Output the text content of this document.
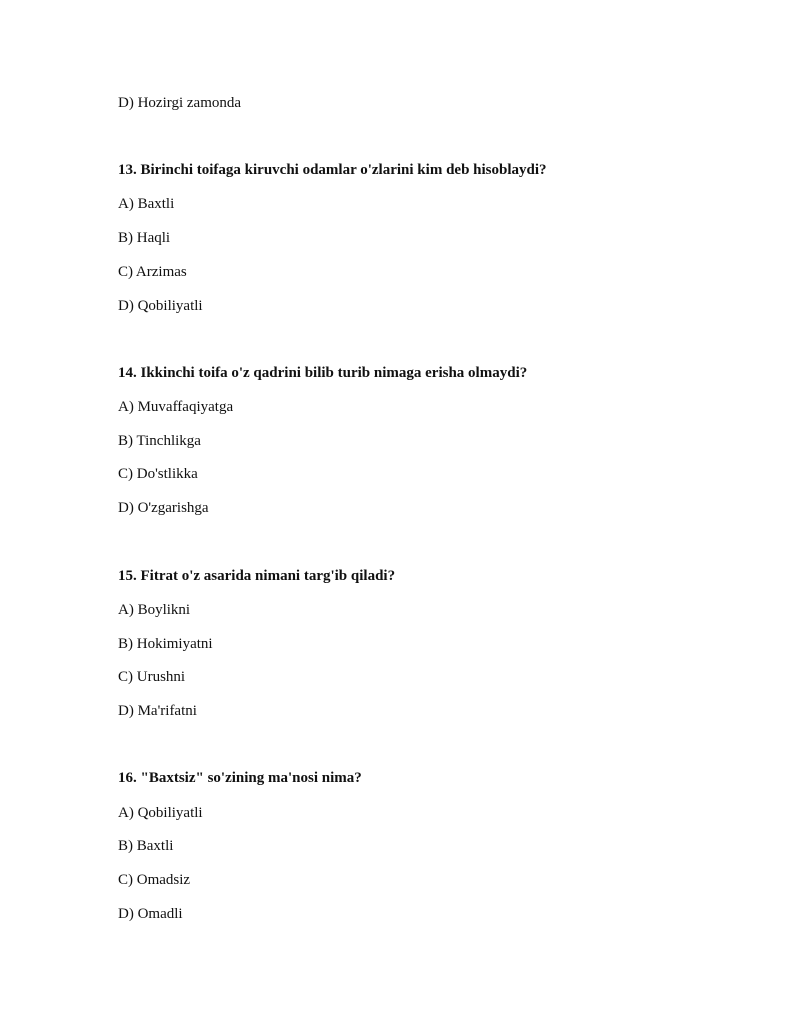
D) Hozirgi zamonda
13. Birinchi toifaga kiruvchi odamlar o'zlarini kim deb hisoblaydi?
A) Baxtli
B) Haqli
C) Arzimas
D) Qobiliyatli
14. Ikkinchi toifa o'z qadrini bilib turib nimaga erisha olmaydi?
A) Muvaffaqiyatga
B) Tinchlikga
C) Do'stlikka
D) O'zgarishga
15. Fitrat o'z asarida nimani targ'ib qiladi?
A) Boylikni
B) Hokimiyatni
C) Urushni
D) Ma'rifatni
16. "Baxtsiz" so'zining ma'nosi nima?
A) Qobiliyatli
B) Baxtli
C) Omadsiz
D) Omadli
